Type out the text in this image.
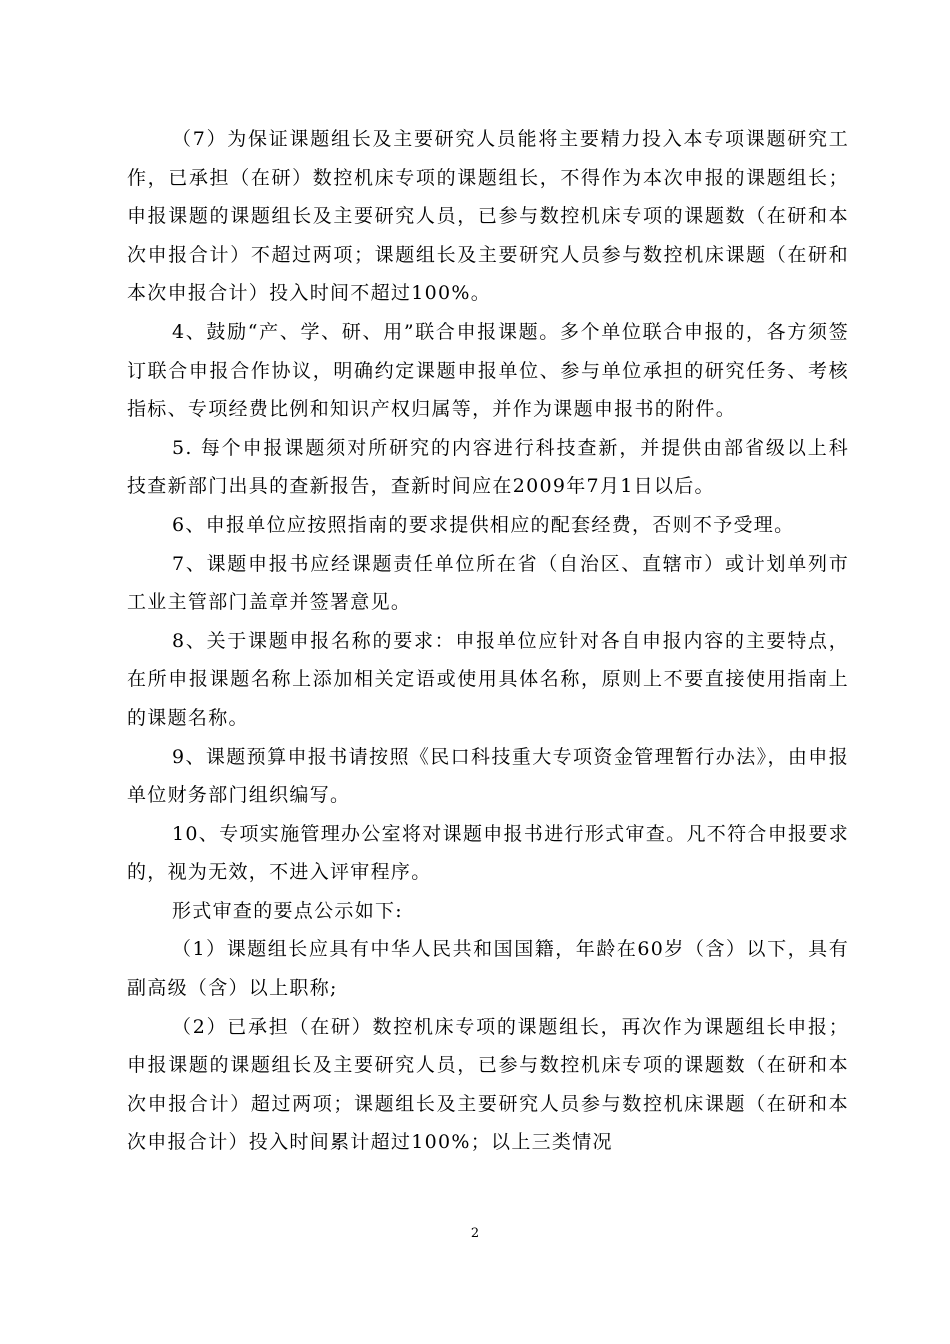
（7）为保证课题组长及主要研究人员能将主要精力投入本专项课题研究工作，已承担（在研）数控机床专项的课题组长，不得作为本次申报的课题组长；申报课题的课题组长及主要研究人员，已参与数控机床专项的课题数（在研和本次申报合计）不超过两项；课题组长及主要研究人员参与数控机床课题（在研和本次申报合计）投入时间不超过100%。

4、鼓励“产、学、研、用”联合申报课题。多个单位联合申报的，各方须签订联合申报合作协议，明确约定课题申报单位、参与单位承担的研究任务、考核指标、专项经费比例和知识产权归属等，并作为课题申报书的附件。

5. 每个申报课题须对所研究的内容进行科技查新，并提供由部省级以上科技查新部门出具的查新报告，查新时间应在2009年7月1日以后。

6、申报单位应按照指南的要求提供相应的配套经费，否则不予受理。

7、课题申报书应经课题责任单位所在省（自治区、直辖市）或计划单列市工业主管部门盖章并签署意见。

8、关于课题申报名称的要求：申报单位应针对各自申报内容的主要特点，在所申报课题名称上添加相关定语或使用具体名称，原则上不要直接使用指南上的课题名称。

9、课题预算申报书请按照《民口科技重大专项资金管理暂行办法》，由申报单位财务部门组织编写。

10、专项实施管理办公室将对课题申报书进行形式审查。凡不符合申报要求的，视为无效，不进入评审程序。

形式审查的要点公示如下:

（1）课题组长应具有中华人民共和国国籍，年龄在60岁（含）以下，具有副高级（含）以上职称;

（2）已承担（在研）数控机床专项的课题组长，再次作为课题组长申报；申报课题的课题组长及主要研究人员，已参与数控机床专项的课题数（在研和本次申报合计）超过两项；课题组长及主要研究人员参与数控机床课题（在研和本次申报合计）投入时间累计超过100%；以上三类情况

2
